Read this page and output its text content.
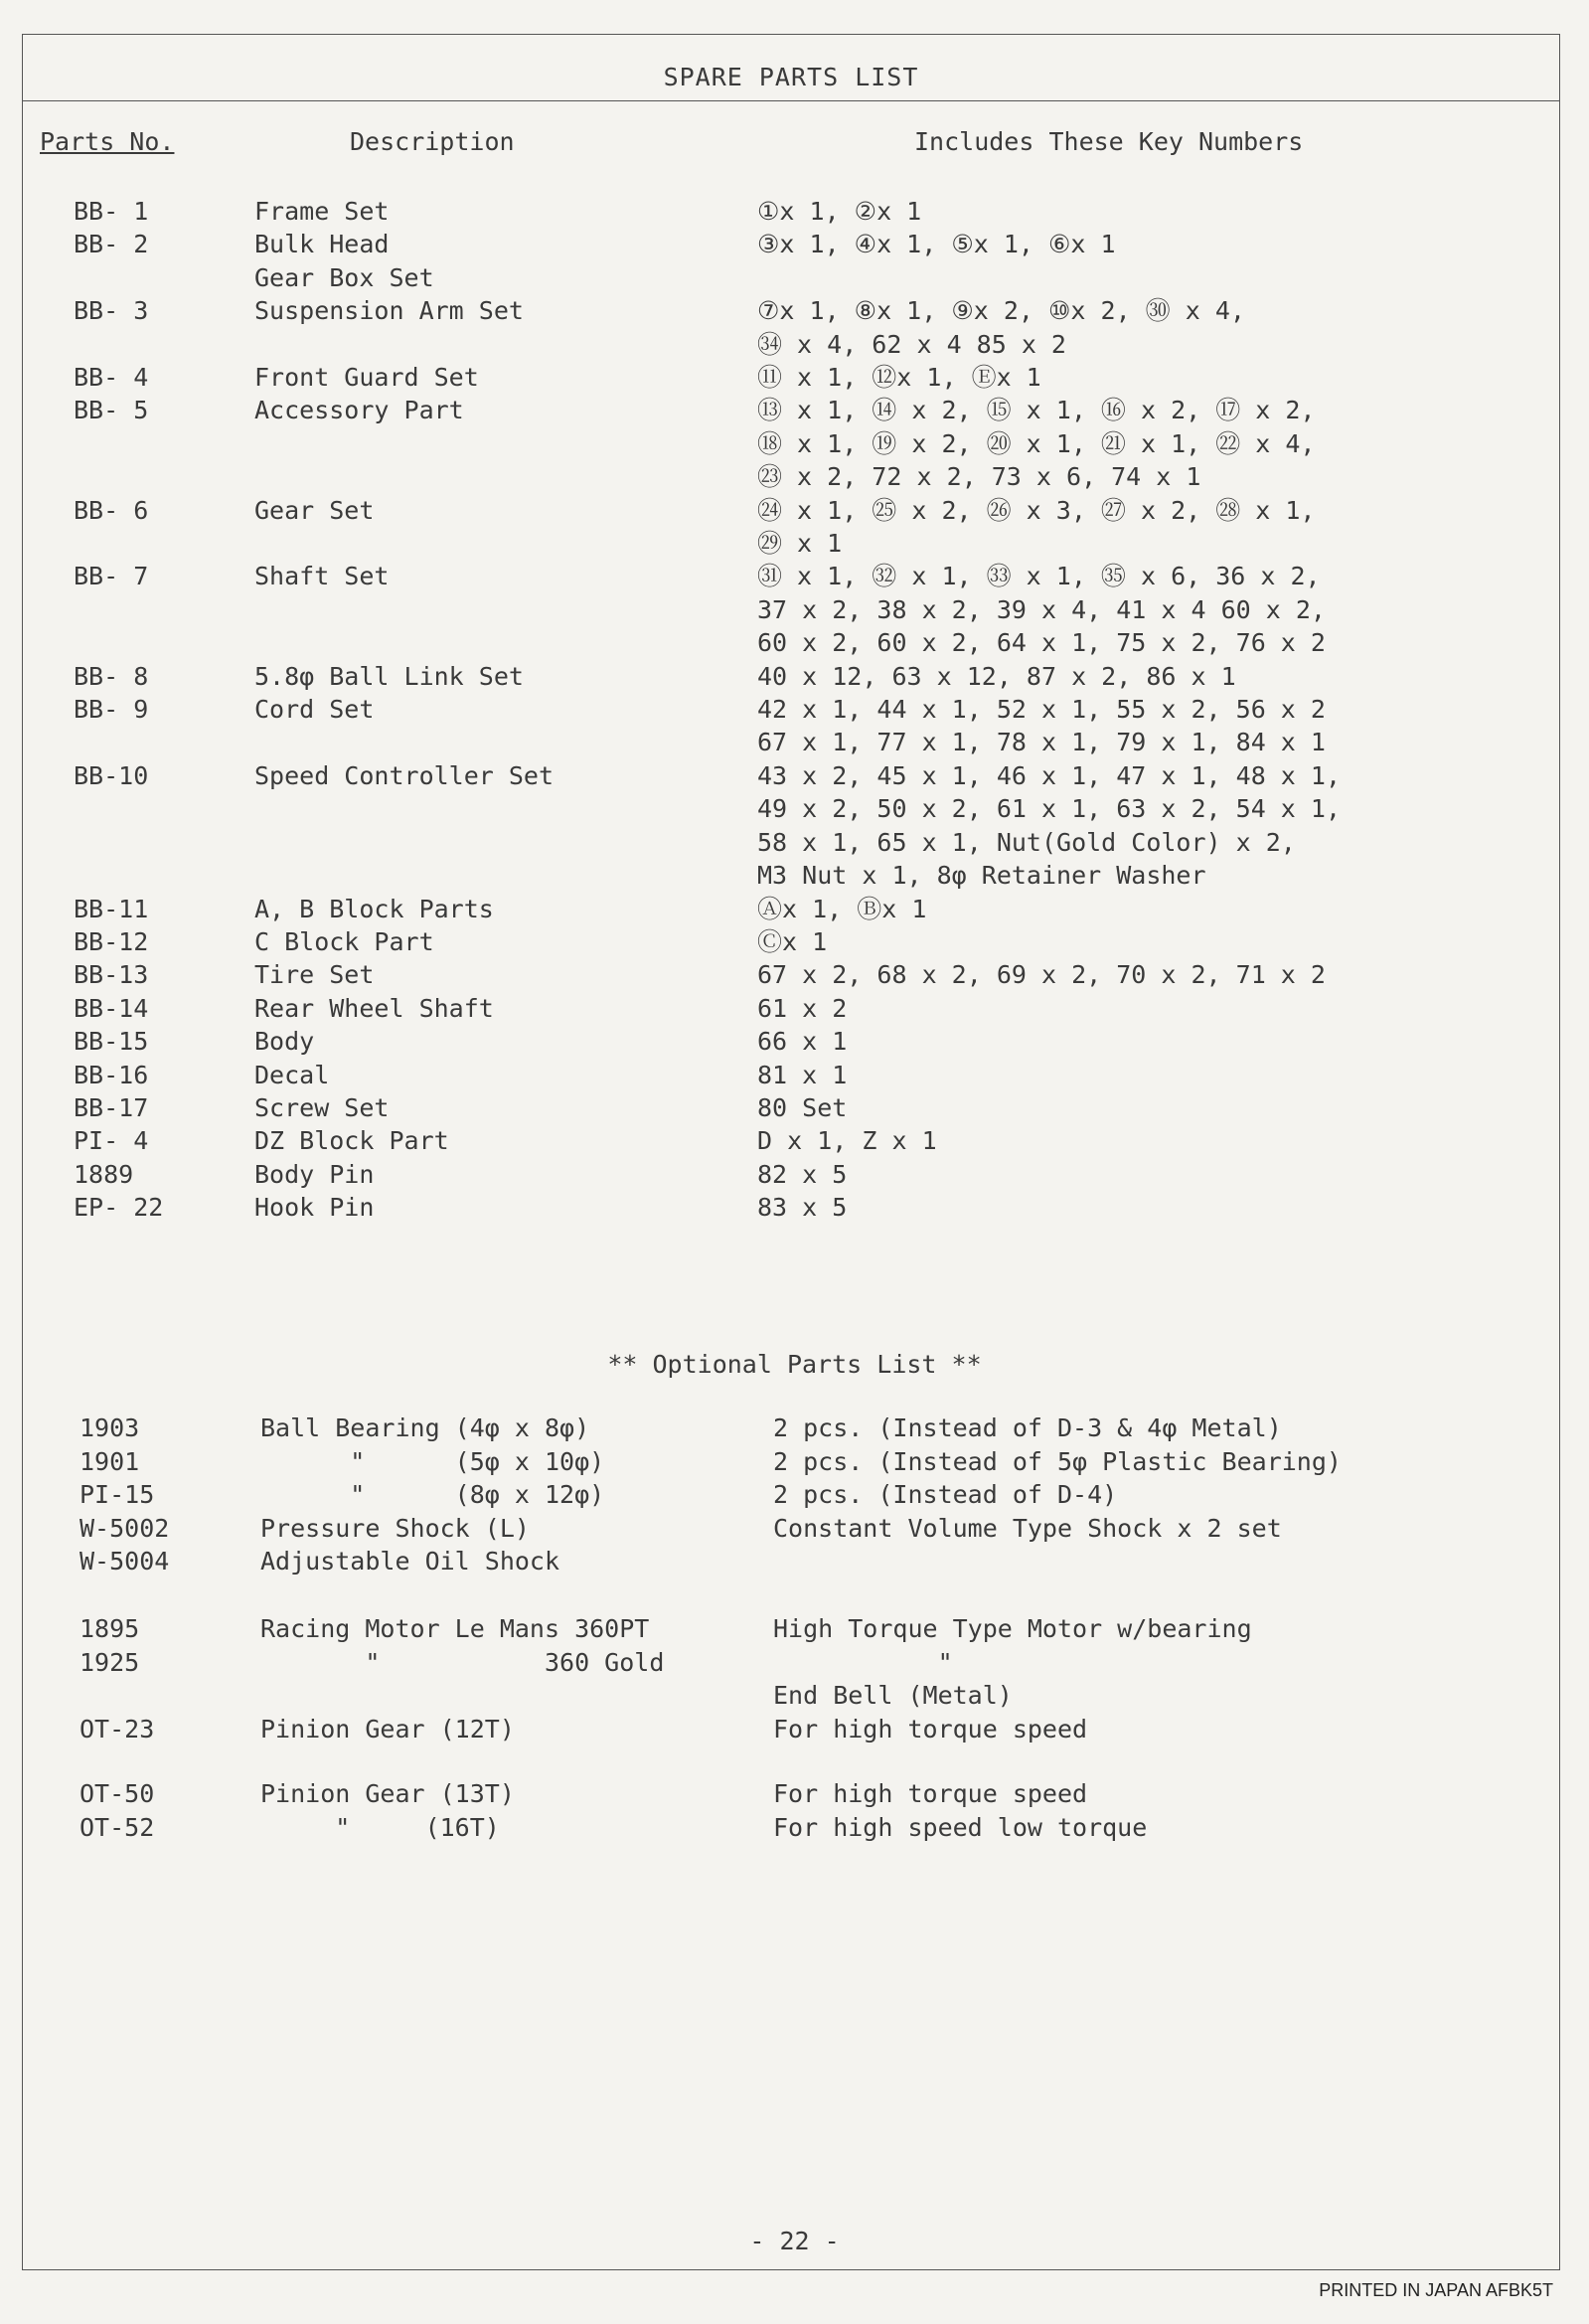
SPARE PARTS LIST
Parts No.	Description	Includes These Key Numbers
BB- 1	Frame Set	①x 1, ②x 1
BB- 2	Bulk Head	③x 1, ④x 1, ⑤x 1, ⑥x 1
Gear Box Set
BB- 3	Suspension Arm Set	⑦x 1, ⑧x 1, ⑨x 2, ⑩x 2, ㉚ x 4,
㉞ x 4, 62 x 4 85 x 2
BB- 4	Front Guard Set	⑪ x 1, ⑫x 1, Ⓔx 1
BB- 5	Accessory Part	⑬ x 1, ⑭ x 2, ⑮ x 1, ⑯ x 2, ⑰ x 2,
⑱ x 1, ⑲ x 2, ⑳ x 1, ㉑ x 1, ㉒ x 4,
㉓ x 2, 72 x 2, 73 x 6, 74 x 1
BB- 6	Gear Set	㉔ x 1, ㉕ x 2, ㉖ x 3, ㉗ x 2, ㉘ x 1,
㉙ x 1
BB- 7	Shaft Set	㉛ x 1, ㉜ x 1, ㉝ x 1, ㉟ x 6, 36 x 2,
37 x 2, 38 x 2, 39 x 4, 41 x 4 60 x 2,
60 x 2, 60 x 2, 64 x 1, 75 x 2, 76 x 2
BB- 8	5.8φ Ball Link Set	40 x 12, 63 x 12, 87 x 2, 86 x 1
BB- 9	Cord Set	42 x 1, 44 x 1, 52 x 1, 55 x 2, 56 x 2
67 x 1, 77 x 1, 78 x 1, 79 x 1, 84 x 1
BB-10	Speed Controller Set	43 x 2, 45 x 1, 46 x 1, 47 x 1, 48 x 1,
49 x 2, 50 x 2, 61 x 1, 63 x 2, 54 x 1,
58 x 1, 65 x 1, Nut(Gold Color) x 2,
M3 Nut x 1, 8φ Retainer Washer
BB-11	A, B Block Parts	Ⓐx 1, Ⓑx 1
BB-12	C Block Part	Ⓒx 1
BB-13	Tire Set	67 x 2, 68 x 2, 69 x 2, 70 x 2, 71 x 2
BB-14	Rear Wheel Shaft	61 x 2
BB-15	Body	66 x 1
BB-16	Decal	81 x 1
BB-17	Screw Set	80 Set
PI- 4	DZ Block Part	D x 1, Z x 1
1889	Body Pin	82 x 5
EP- 22	Hook Pin	83 x 5
** Optional Parts List **
1903	Ball Bearing (4φ x 8φ)	2 pcs. (Instead of D-3 & 4φ Metal)
1901	"      (5φ x 10φ)	2 pcs. (Instead of 5φ Plastic Bearing)
PI-15	"      (8φ x 12φ)	2 pcs. (Instead of D-4)
W-5002	Pressure Shock (L)	Constant Volume Type Shock x 2 set
W-5004	Adjustable Oil Shock
1895	Racing Motor Le Mans 360PT	High Torque Type Motor w/bearing
1925	"           360 Gold	"
End Bell (Metal)
OT-23	Pinion Gear (12T)	For high torque speed
OT-50	Pinion Gear (13T)	For high torque speed
OT-52	"     (16T)	For high speed low torque
- 22 -
PRINTED IN JAPAN AFBK5T
